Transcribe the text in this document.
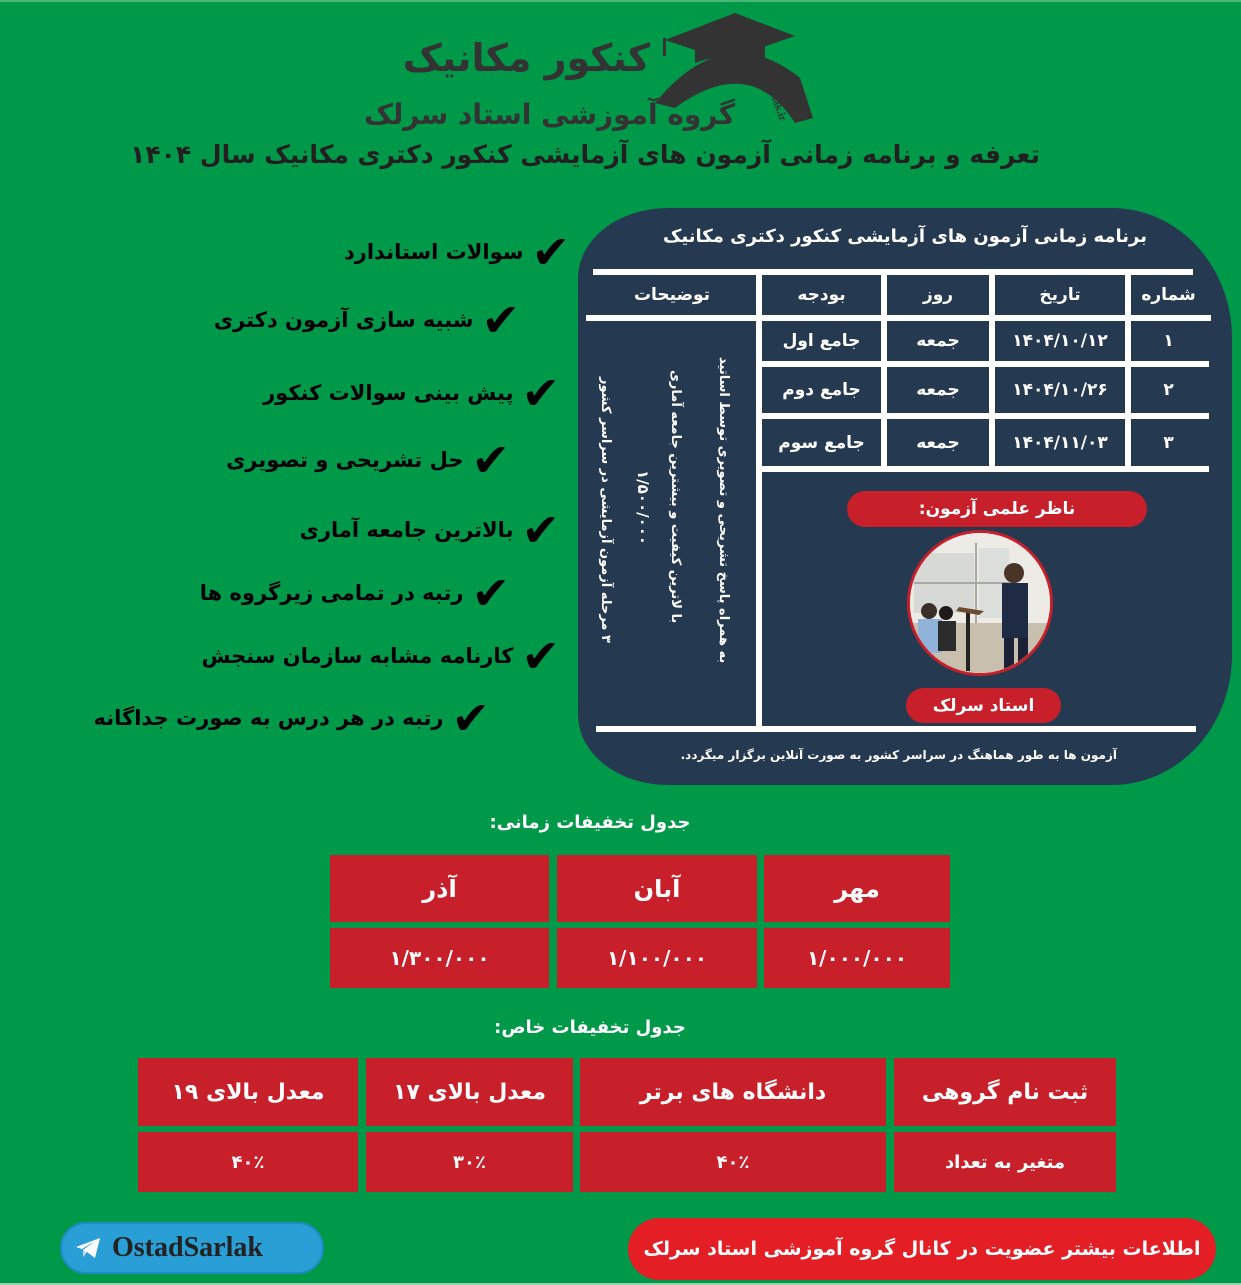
کنکور مکانیک
گروه آموزشی استاد سرلک OstadSarlak.ir
تعرفه و برنامه زمانی آزمون های آزمایشی کنکور دکتری مکانیک سال ۱۴۰۴
✔
سوالات استاندارد
✔
شبیه سازی آزمون دکتری
✔
پیش بینی سوالات کنکور
✔
حل تشریحی و تصویری
✔
بالاترین جامعه آماری
✔
رتبه در تمامی زیرگروه ها
✔
کارنامه مشابه سازمان سنجش
✔
رتبه در هر درس به صورت جداگانه
برنامه زمانی آزمون های آزمایشی کنکور دکتری مکانیک
شماره
تاریخ
روز
بودجه
توضیحات
۱
۱۴۰۴/۱۰/۱۲
جمعه
جامع اول
۲
۱۴۰۴/۱۰/۲۶
جمعه
جامع دوم
۳
۱۴۰۴/۱۱/۰۳
جمعه
جامع سوم
به همراه پاسخ تشریحی و تصویری توسط اساتید
با لاترین کیفیت و بیشترین جامعه آماری
۱/۵۰۰/۰۰۰
۳ مرحله آزمون آزمایشی در سراسر کشور
ناظر علمی آزمون:
استاد سرلک
آزمون ها به طور هماهنگ در سراسر کشور به صورت آنلاین برگزار میگردد.
جدول تخفیفات زمانی:
مهر
آبان
آذر
۱/۰۰۰/۰۰۰
۱/۱۰۰/۰۰۰
۱/۳۰۰/۰۰۰
جدول تخفیفات خاص:
ثبت نام گروهی
دانشگاه های برتر
معدل بالای ۱۷
معدل بالای ۱۹
متغیر به تعداد
۴۰٪
۳۰٪
۴۰٪
OstadSarlak	اطلاعات بیشتر عضویت در کانال گروه آموزشی استاد سرلک
